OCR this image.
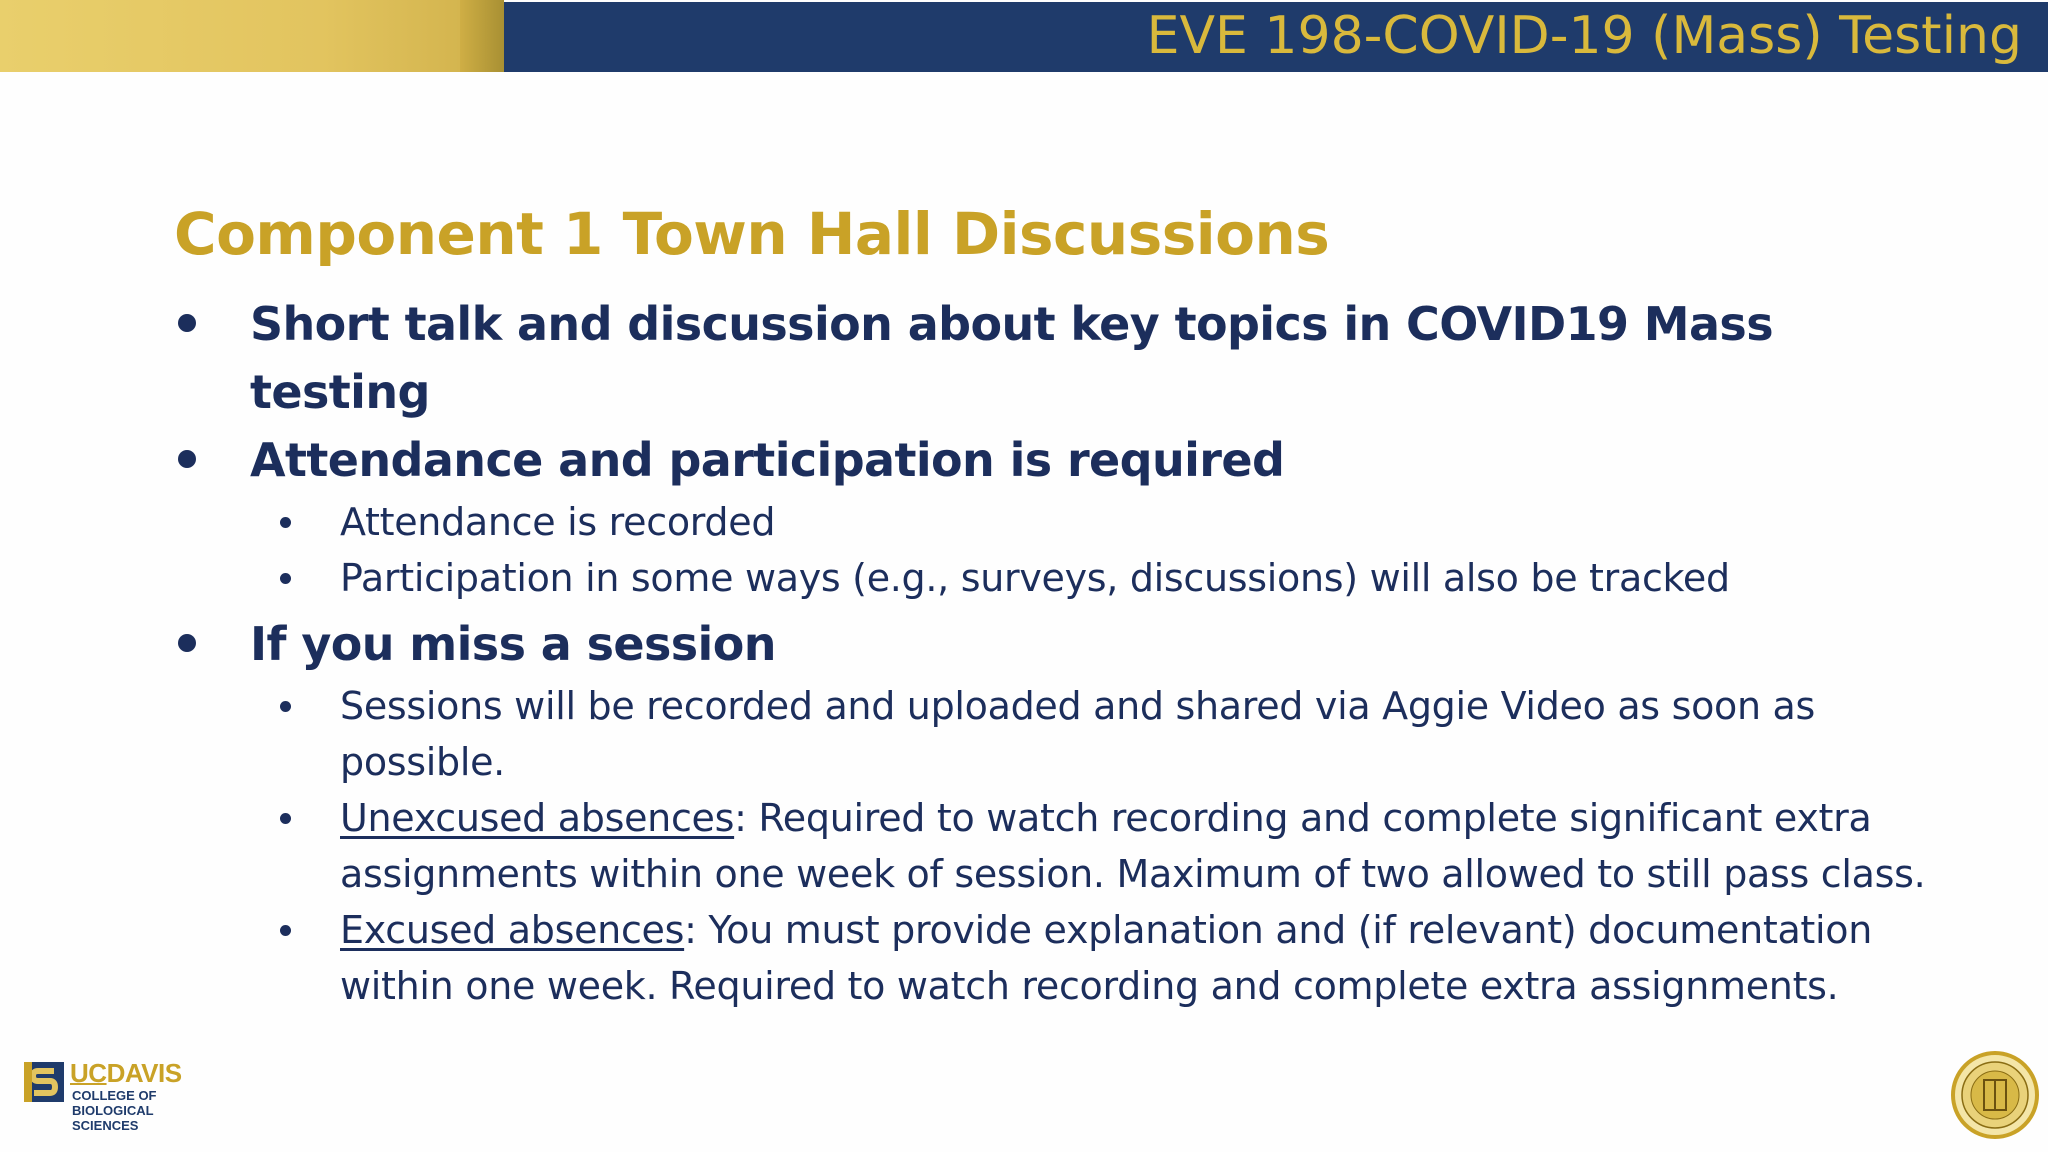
EVE 198-COVID-19 (Mass) Testing
Component 1 Town Hall Discussions
Short talk and discussion about key topics in COVID19 Mass testing
Attendance and participation is required
Attendance is recorded
Participation in some ways (e.g., surveys, discussions) will also be tracked
If you miss a session
Sessions will be recorded and uploaded and shared via Aggie Video as soon as possible.
Unexcused absences: Required to watch recording and complete significant extra assignments within one week of session. Maximum of two allowed to still pass class.
Excused absences: You must provide explanation and (if relevant) documentation within one week. Required to watch recording and complete extra assignments.
UCDAVIS
COLLEGE OF
BIOLOGICAL
SCIENCES
